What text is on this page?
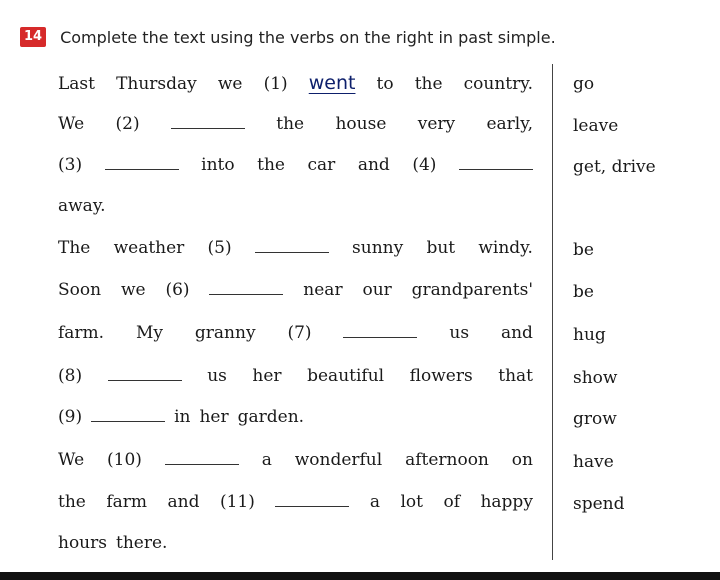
14 Complete the text using the verbs on the right in past simple.
Last Thursday we (1) went to the country.
We (2)	the house very early,
(3)	into the car and (4)
away.
The weather (5)	sunny but windy.
Soon we (6)	near our grandparents'
farm. My granny (7)	us and
(8)	us her beautiful flowers that
(9)	in her garden.
We (10)	a wonderful afternoon on
the farm and (11)	a lot of happy
hours there.
go
leave
get, drive
be
be
hug
show
grow
have
spend
